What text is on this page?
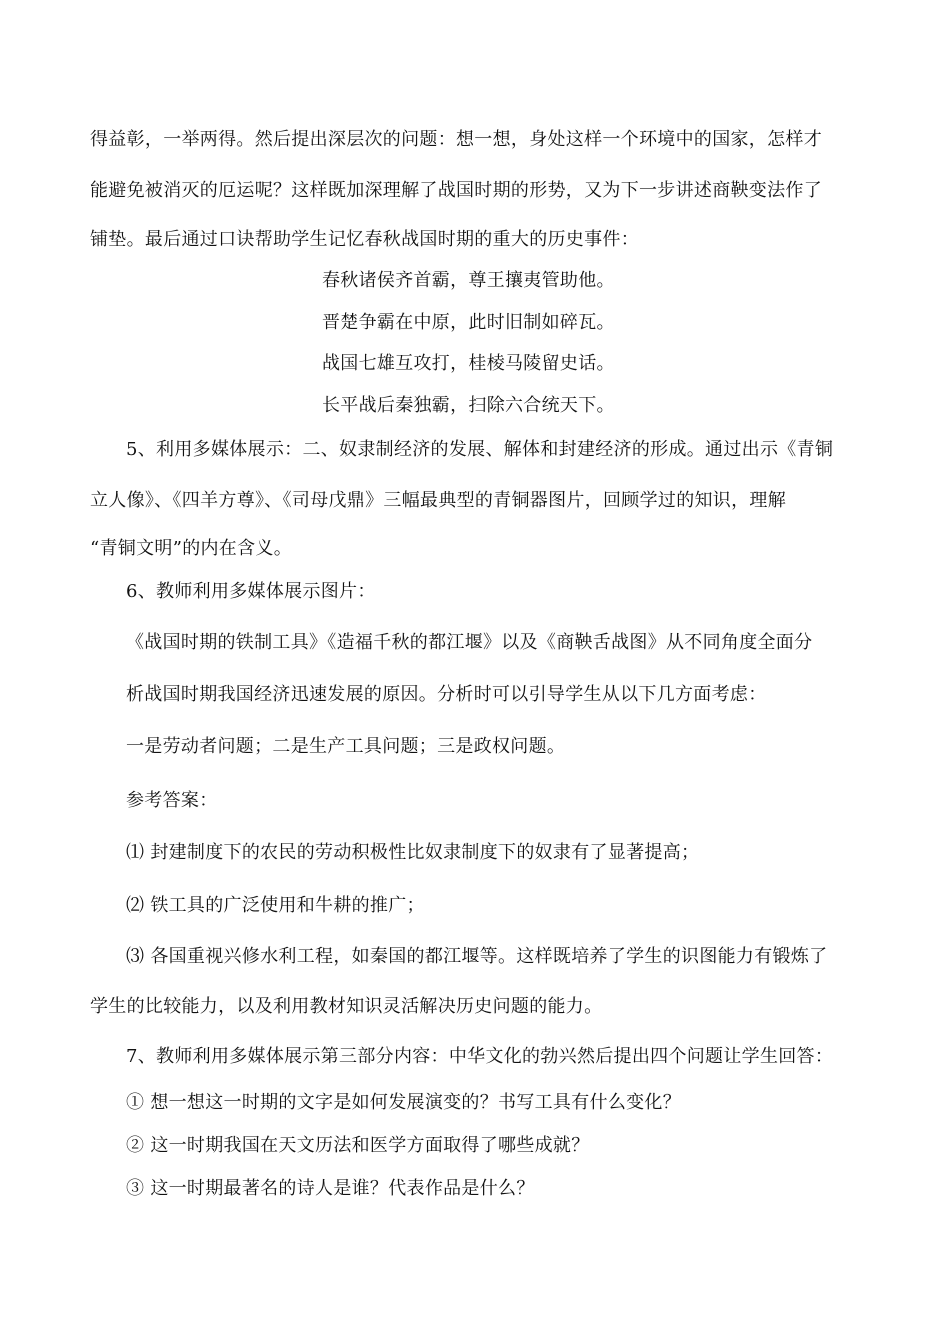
得益彰，一举两得。然后提出深层次的问题：想一想，身处这样一个环境中的国家，怎样才
能避免被消灭的厄运呢？这样既加深理解了战国时期的形势，又为下一步讲述商鞅变法作了
铺垫。最后通过口诀帮助学生记忆春秋战国时期的重大的历史事件：
春秋诸侯齐首霸，尊王攘夷管助他。
晋楚争霸在中原，此时旧制如碎瓦。
战国七雄互攻打，桂棱马陵留史话。
长平战后秦独霸，扫除六合统天下。
5、利用多媒体展示：二、奴隶制经济的发展、解体和封建经济的形成。通过出示《青铜
立人像》、《四羊方尊》、《司母戊鼎》三幅最典型的青铜器图片，回顾学过的知识，理解
“青铜文明”的内在含义。
6、教师利用多媒体展示图片：
《战国时期的铁制工具》《造福千秋的都江堰》以及《商鞅舌战图》从不同角度全面分
析战国时期我国经济迅速发展的原因。分析时可以引导学生从以下几方面考虑：
一是劳动者问题；二是生产工具问题；三是政权问题。
参考答案：
⑴ 封建制度下的农民的劳动积极性比奴隶制度下的奴隶有了显著提高；
⑵ 铁工具的广泛使用和牛耕的推广；
⑶ 各国重视兴修水利工程，如秦国的都江堰等。这样既培养了学生的识图能力有锻炼了
学生的比较能力，以及利用教材知识灵活解决历史问题的能力。
7、教师利用多媒体展示第三部分内容：中华文化的勃兴然后提出四个问题让学生回答：
① 想一想这一时期的文字是如何发展演变的？书写工具有什么变化？
② 这一时期我国在天文历法和医学方面取得了哪些成就？
③ 这一时期最著名的诗人是谁？代表作品是什么？
